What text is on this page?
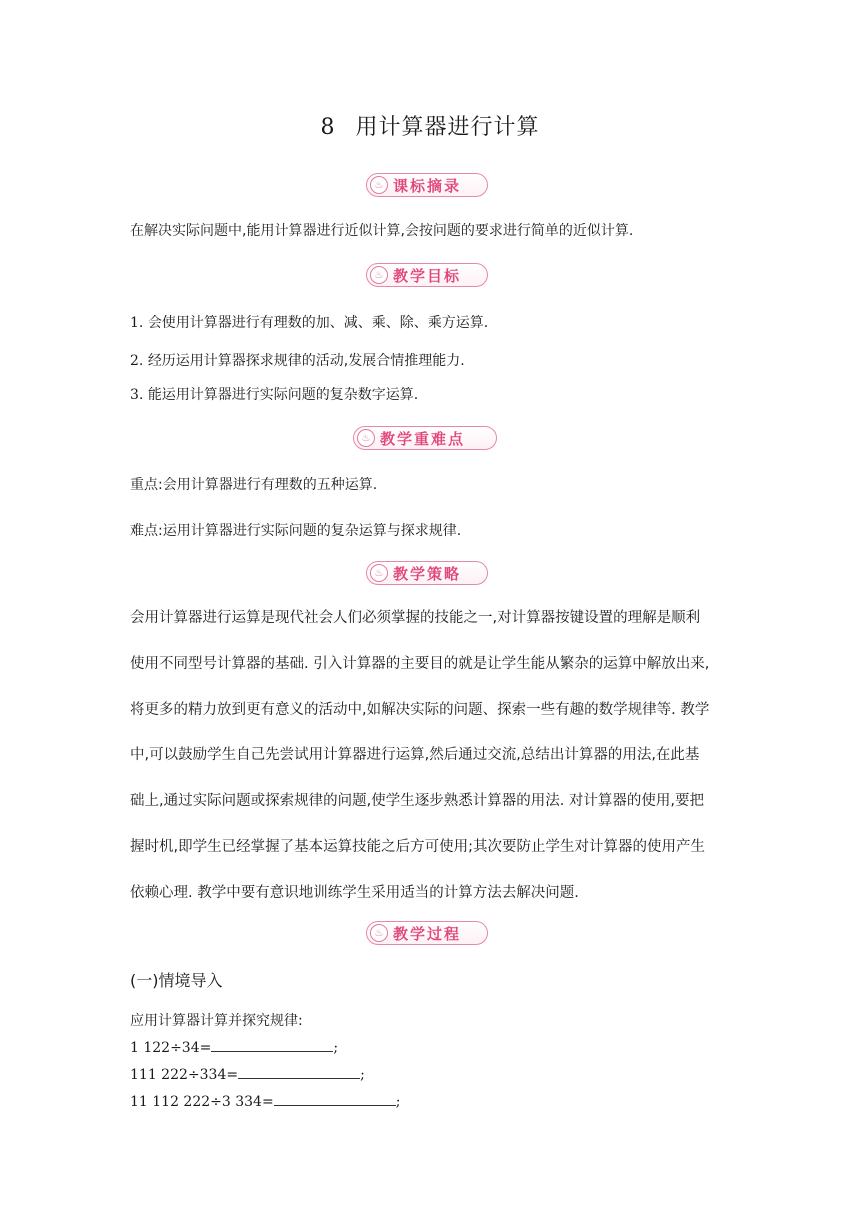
8 用计算器进行计算
♨ 课标摘录
在解决实际问题中,能用计算器进行近似计算,会按问题的要求进行简单的近似计算.
♨ 教学目标
1. 会使用计算器进行有理数的加、减、乘、除、乘方运算.
2. 经历运用计算器探求规律的活动,发展合情推理能力.
3. 能运用计算器进行实际问题的复杂数字运算.
♨ 教学重难点
重点:会用计算器进行有理数的五种运算.
难点:运用计算器进行实际问题的复杂运算与探求规律.
♨ 教学策略
会用计算器进行运算是现代社会人们必须掌握的技能之一,对计算器按键设置的理解是顺利
使用不同型号计算器的基础. 引入计算器的主要目的就是让学生能从繁杂的运算中解放出来,
将更多的精力放到更有意义的活动中,如解决实际的问题、探索一些有趣的数学规律等. 教学
中,可以鼓励学生自己先尝试用计算器进行运算,然后通过交流,总结出计算器的用法,在此基
础上,通过实际问题或探索规律的问题,使学生逐步熟悉计算器的用法. 对计算器的使用,要把
握时机,即学生已经掌握了基本运算技能之后方可使用;其次要防止学生对计算器的使用产生
依赖心理. 教学中要有意识地训练学生采用适当的计算方法去解决问题.
♨ 教学过程
(一)情境导入
应用计算器计算并探究规律:
1 122÷34=	;
111 222÷334=	;
11 112 222÷3 334=	;
